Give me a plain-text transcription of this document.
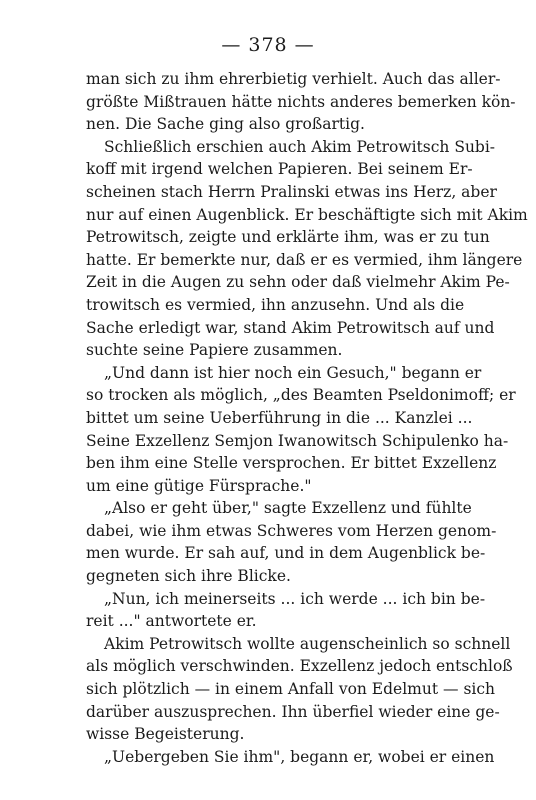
— 378 —
man sich zu ihm ehrerbietig verhielt. Auch das aller-
größte Mißtrauen hätte nichts anderes bemerken kön-
nen. Die Sache ging also großartig.
Schließlich erschien auch Akim Petrowitsch Subi-
koff mit irgend welchen Papieren. Bei seinem Er-
scheinen stach Herrn Pralinski etwas ins Herz, aber
nur auf einen Augenblick. Er beschäftigte sich mit Akim
Petrowitsch, zeigte und erklärte ihm, was er zu tun
hatte. Er bemerkte nur, daß er es vermied, ihm längere
Zeit in die Augen zu sehn oder daß vielmehr Akim Pe-
trowitsch es vermied, ihn anzusehn. Und als die
Sache erledigt war, stand Akim Petrowitsch auf und
suchte seine Papiere zusammen.
„Und dann ist hier noch ein Gesuch," begann er
so trocken als möglich, „des Beamten Pseldonimoff; er
bittet um seine Ueberführung in die ... Kanzlei ...
Seine Exzellenz Semjon Iwanowitsch Schipulenko ha-
ben ihm eine Stelle versprochen. Er bittet Exzellenz
um eine gütige Fürsprache."
„Also er geht über," sagte Exzellenz und fühlte
dabei, wie ihm etwas Schweres vom Herzen genom-
men wurde. Er sah auf, und in dem Augenblick be-
gegneten sich ihre Blicke.
„Nun, ich meinerseits ... ich werde ... ich bin be-
reit ..." antwortete er.
Akim Petrowitsch wollte augenscheinlich so schnell
als möglich verschwinden. Exzellenz jedoch entschloß
sich plötzlich — in einem Anfall von Edelmut — sich
darüber auszusprechen. Ihn überfiel wieder eine ge-
wisse Begeisterung.
„Uebergeben Sie ihm", begann er, wobei er einen
